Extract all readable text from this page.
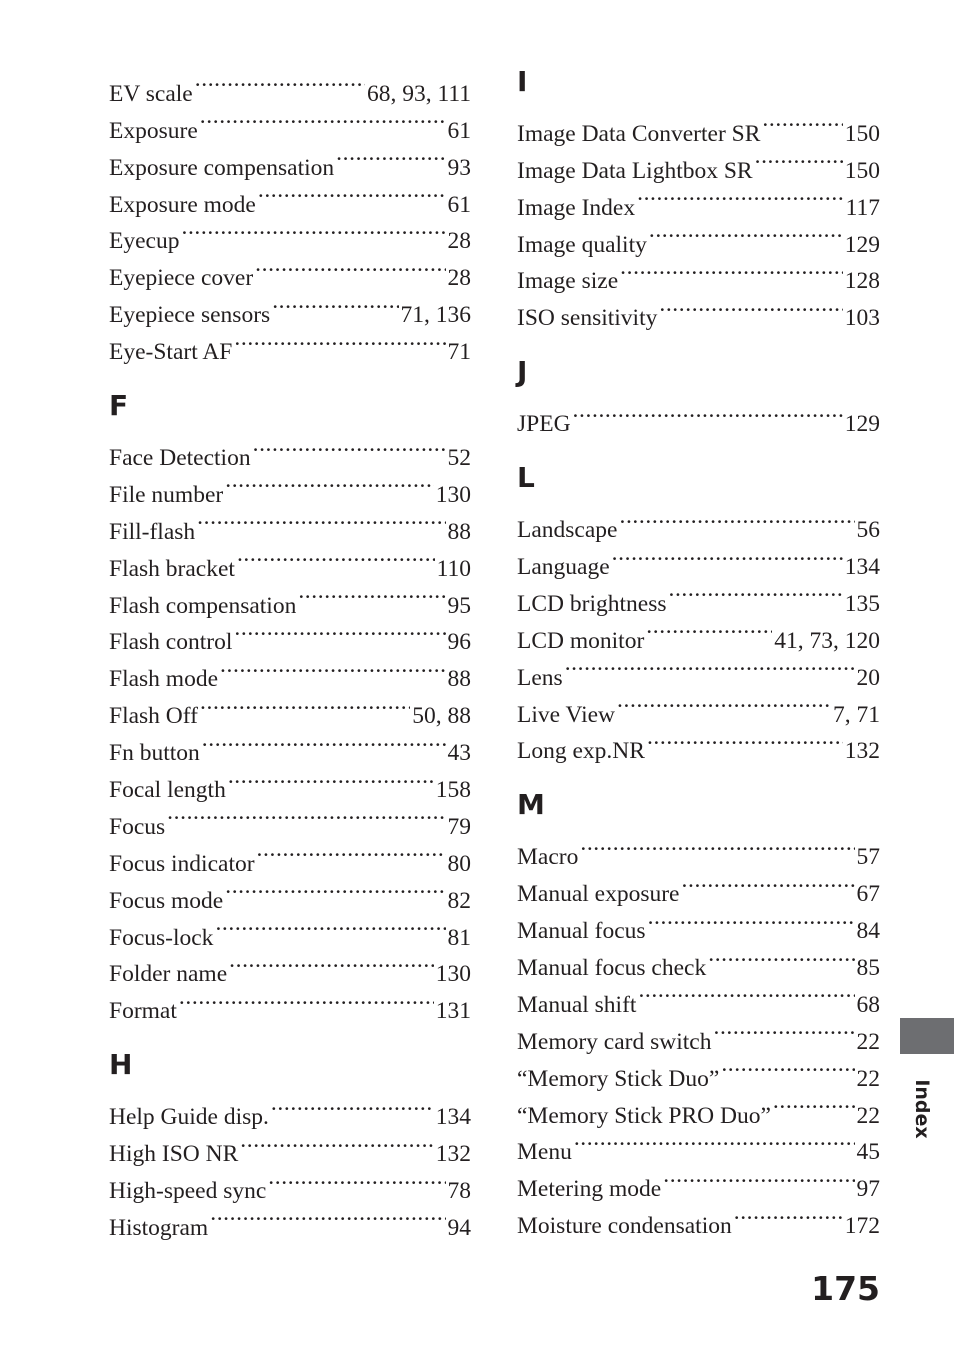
EV scale .....	68, 93, 111
Exposure .....	61
Exposure compensation .....	93
Exposure mode .....	61
Eyecup .....	28
Eyepiece cover .....	28
Eyepiece sensors .....	71, 136
Eye-Start AF .....	71
F
Face Detection .....	52
File number .....	130
Fill-flash .....	88
Flash bracket .....	110
Flash compensation .....	95
Flash control .....	96
Flash mode .....	88
Flash Off .....	50, 88
Fn button .....	43
Focal length .....	158
Focus .....	79
Focus indicator .....	80
Focus mode .....	82
Focus-lock .....	81
Folder name .....	130
Format .....	131
H
Help Guide disp. .....	134
High ISO NR .....	132
High-speed sync .....	78
Histogram .....	94
I
Image Data Converter SR .....	150
Image Data Lightbox SR .....	150
Image Index .....	117
Image quality .....	129
Image size .....	128
ISO sensitivity .....	103
J
JPEG .....	129
L
Landscape .....	56
Language .....	134
LCD brightness .....	135
LCD monitor .....	41, 73, 120
Lens .....	20
Live View .....	7, 71
Long exp.NR .....	132
M
Macro .....	57
Manual exposure .....	67
Manual focus .....	84
Manual focus check .....	85
Manual shift .....	68
Memory card switch .....	22
“Memory Stick Duo” .....	22
“Memory Stick PRO Duo” .....	22
Menu .....	45
Metering mode .....	97
Moisture condensation .....	172
Index
175
